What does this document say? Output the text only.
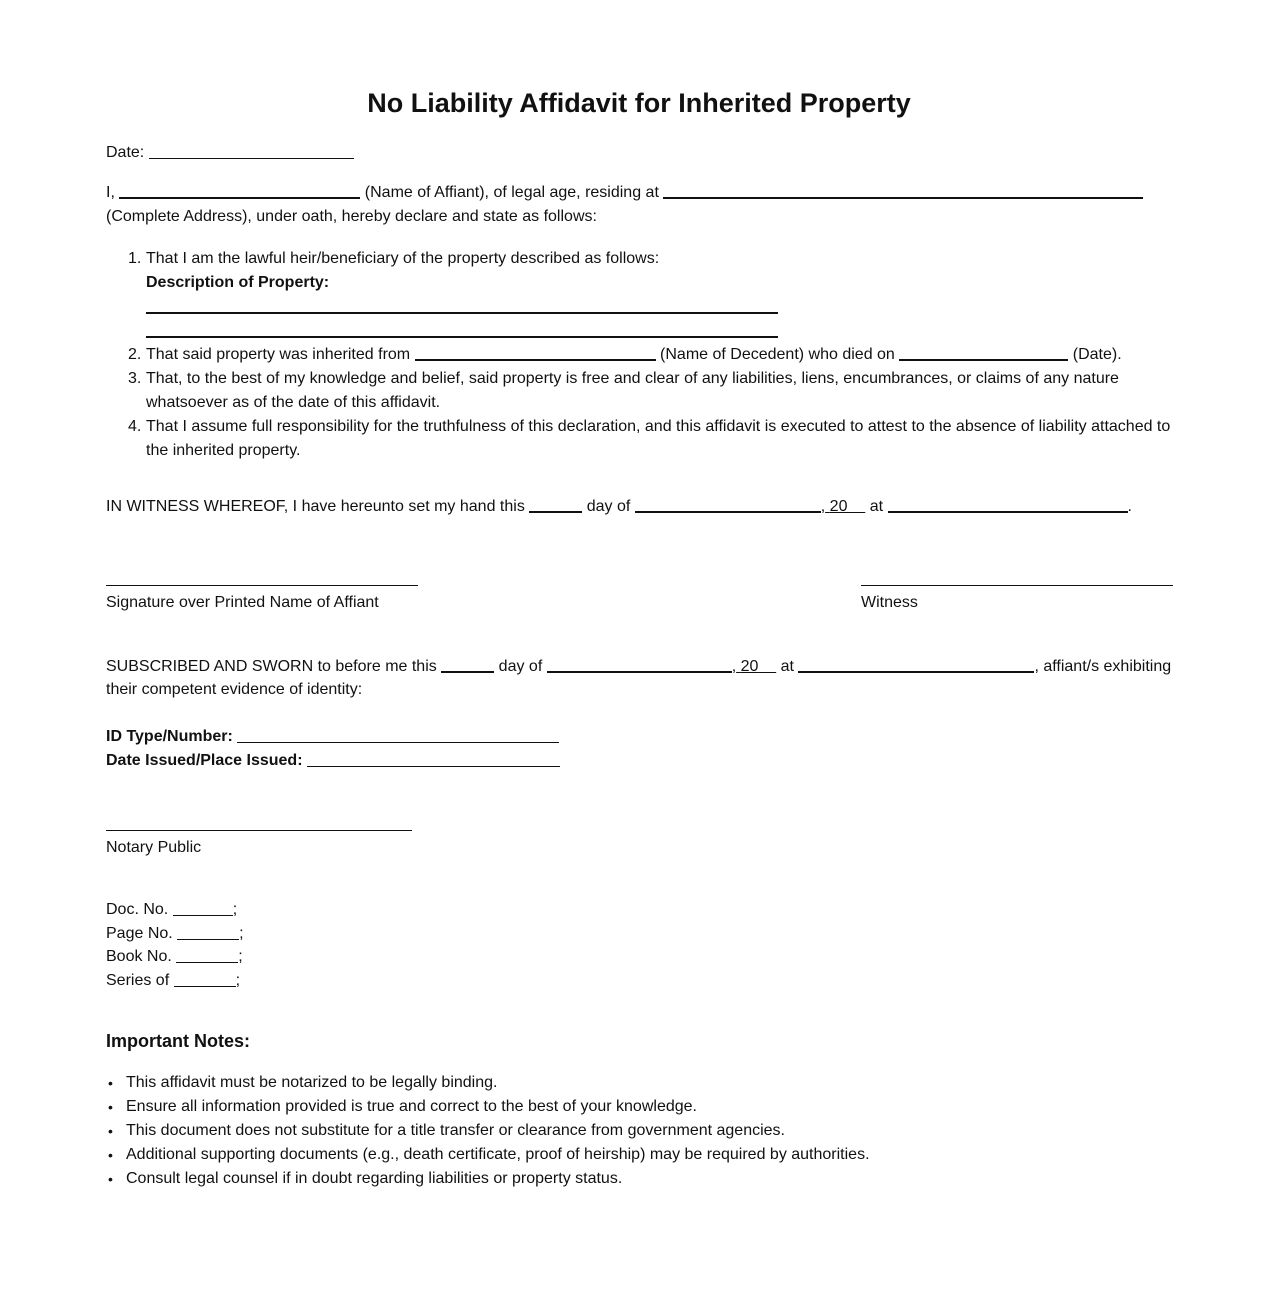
No Liability Affidavit for Inherited Property

Date:

I,	(Name of Affiant), of legal age, residing at

(Complete Address), under oath, hereby declare and state as follows:

1. That I am the lawful heir/beneficiary of the property described as follows:
Description of Property:
2. That said property was inherited from	(Name of Decedent) who died on	(Date).
3. That, to the best of my knowledge and belief, said property is free and clear of any liabilities, liens, encumbrances, or claims of any nature
whatsoever as of the date of this affidavit.
4. That I assume full responsibility for the truthfulness of this declaration, and this affidavit is executed to attest to the absence of liability attached to
the inherited property.

IN WITNESS WHEREOF, I have hereunto set my hand this	day of	, 20 at	.

Signature over Printed Name of Affiant	Witness

SUBSCRIBED AND SWORN to before me this	day of	, 20 at	, affiant/s exhibiting

their competent evidence of identity:

ID Type/Number:

Date Issued/Place Issued:

Notary Public

Doc. No.	;

Page No.	;

Book No.	;

Series of	;

Important Notes:
• This affidavit must be notarized to be legally binding.
• Ensure all information provided is true and correct to the best of your knowledge.
• This document does not substitute for a title transfer or clearance from government agencies.
• Additional supporting documents (e.g., death certificate, proof of heirship) may be required by authorities.
• Consult legal counsel if in doubt regarding liabilities or property status.
